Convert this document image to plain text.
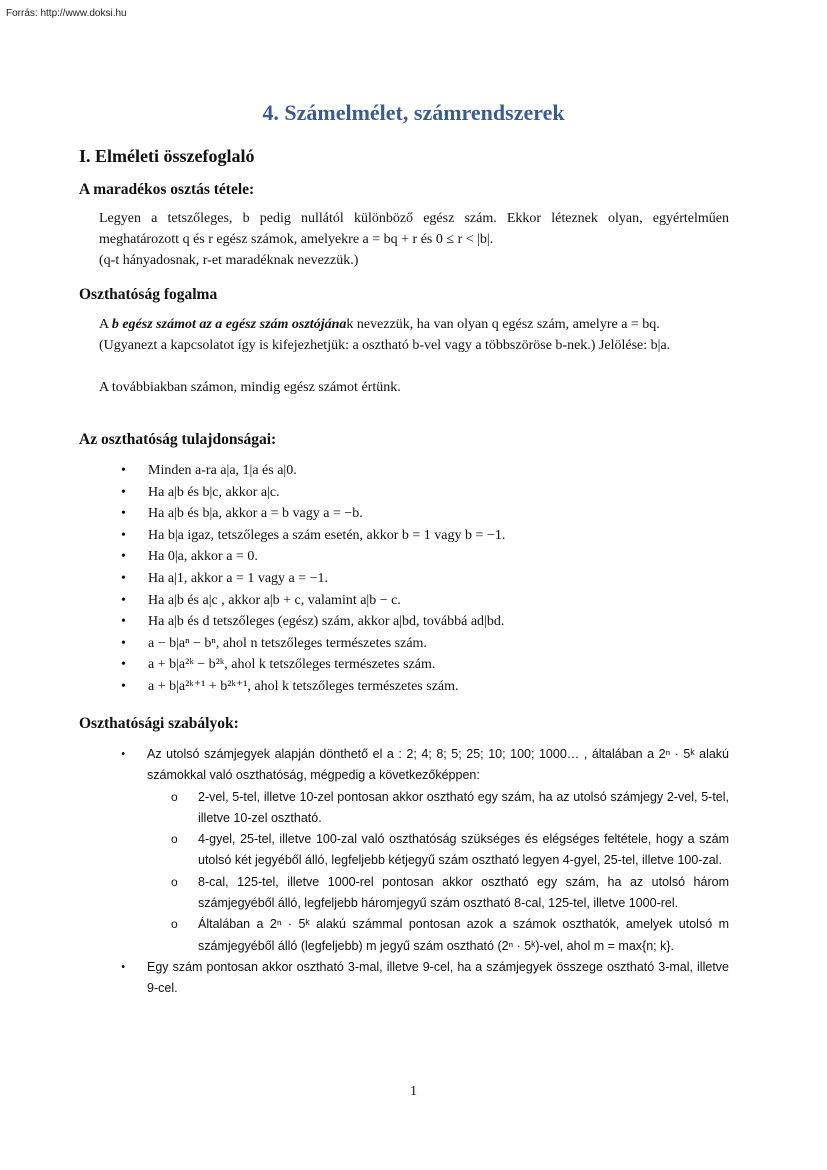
Forrás: http://www.doksi.hu
4. Számelmélet, számrendszerek
I. Elméleti összefoglaló
A maradékos osztás tétele:

Legyen a tetszőleges, b pedig nullától különböző egész szám. Ekkor léteznek olyan, egyértelműen meghatározott q és r egész számok, amelyekre a = bq + r és 0 ≤ r < |b|.

(q-t hányadosnak, r-et maradéknak nevezzük.)

Oszthatóság fogalma

A b egész számot az a egész szám osztójának nevezzük, ha van olyan q egész szám, amelyre a = bq.

(Ugyanezt a kapcsolatot így is kifejezhetjük: a osztható b-vel vagy a többszöröse b-nek.) Jelölése: b|a.

A továbbiakban számon, mindig egész számot értünk.

Az oszthatóság tulajdonságai:
• Minden a-ra a|a, 1|a és a|0.
• Ha a|b és b|c, akkor a|c.
• Ha a|b és b|a, akkor a = b vagy a = −b.
• Ha b|a igaz, tetszőleges a szám esetén, akkor b = 1 vagy b = −1.
• Ha 0|a, akkor a = 0.
• Ha a|1, akkor a = 1 vagy a = −1.
• Ha a|b és a|c , akkor a|b + c, valamint a|b − c.
• Ha a|b és d tetszőleges (egész) szám, akkor a|bd, továbbá ad|bd.
• a − b|aⁿ − bⁿ, ahol n tetszőleges természetes szám.
• a + b|a²ᵏ − b²ᵏ, ahol k tetszőleges természetes szám.
• a + b|a²ᵏ⁺¹ + b²ᵏ⁺¹, ahol k tetszőleges természetes szám.
Oszthatósági szabályok:
• Az utolsó számjegyek alapján dönthető el a : 2; 4; 8; 5; 25; 10; 100; 1000… , általában a 2ⁿ · 5ᵏ alakú számokkal való oszthatóság, mégpedig a következőképpen:
o 2-vel, 5-tel, illetve 10-zel pontosan akkor osztható egy szám, ha az utolsó számjegy 2-vel, 5-tel, illetve 10-zel osztható.
o 4-gyel, 25-tel, illetve 100-zal való oszthatóság szükséges és elégséges feltétele, hogy a szám utolsó két jegyéből álló, legfeljebb kétjegyű szám osztható legyen 4-gyel, 25-tel, illetve 100-zal.
o 8-cal, 125-tel, illetve 1000-rel pontosan akkor osztható egy szám, ha az utolsó három számjegyéből álló, legfeljebb háromjegyű szám osztható 8-cal, 125-tel, illetve 1000-rel.
o Általában a 2ⁿ · 5ᵏ alakú számmal pontosan azok a számok oszthatók, amelyek utolsó m számjegyéből álló (legfeljebb) m jegyű szám osztható (2ⁿ · 5ᵏ)-vel, ahol m = max{n; k}.
• Egy szám pontosan akkor osztható 3-mal, illetve 9-cel, ha a számjegyek összege osztható 3-mal, illetve 9-cel.
1
